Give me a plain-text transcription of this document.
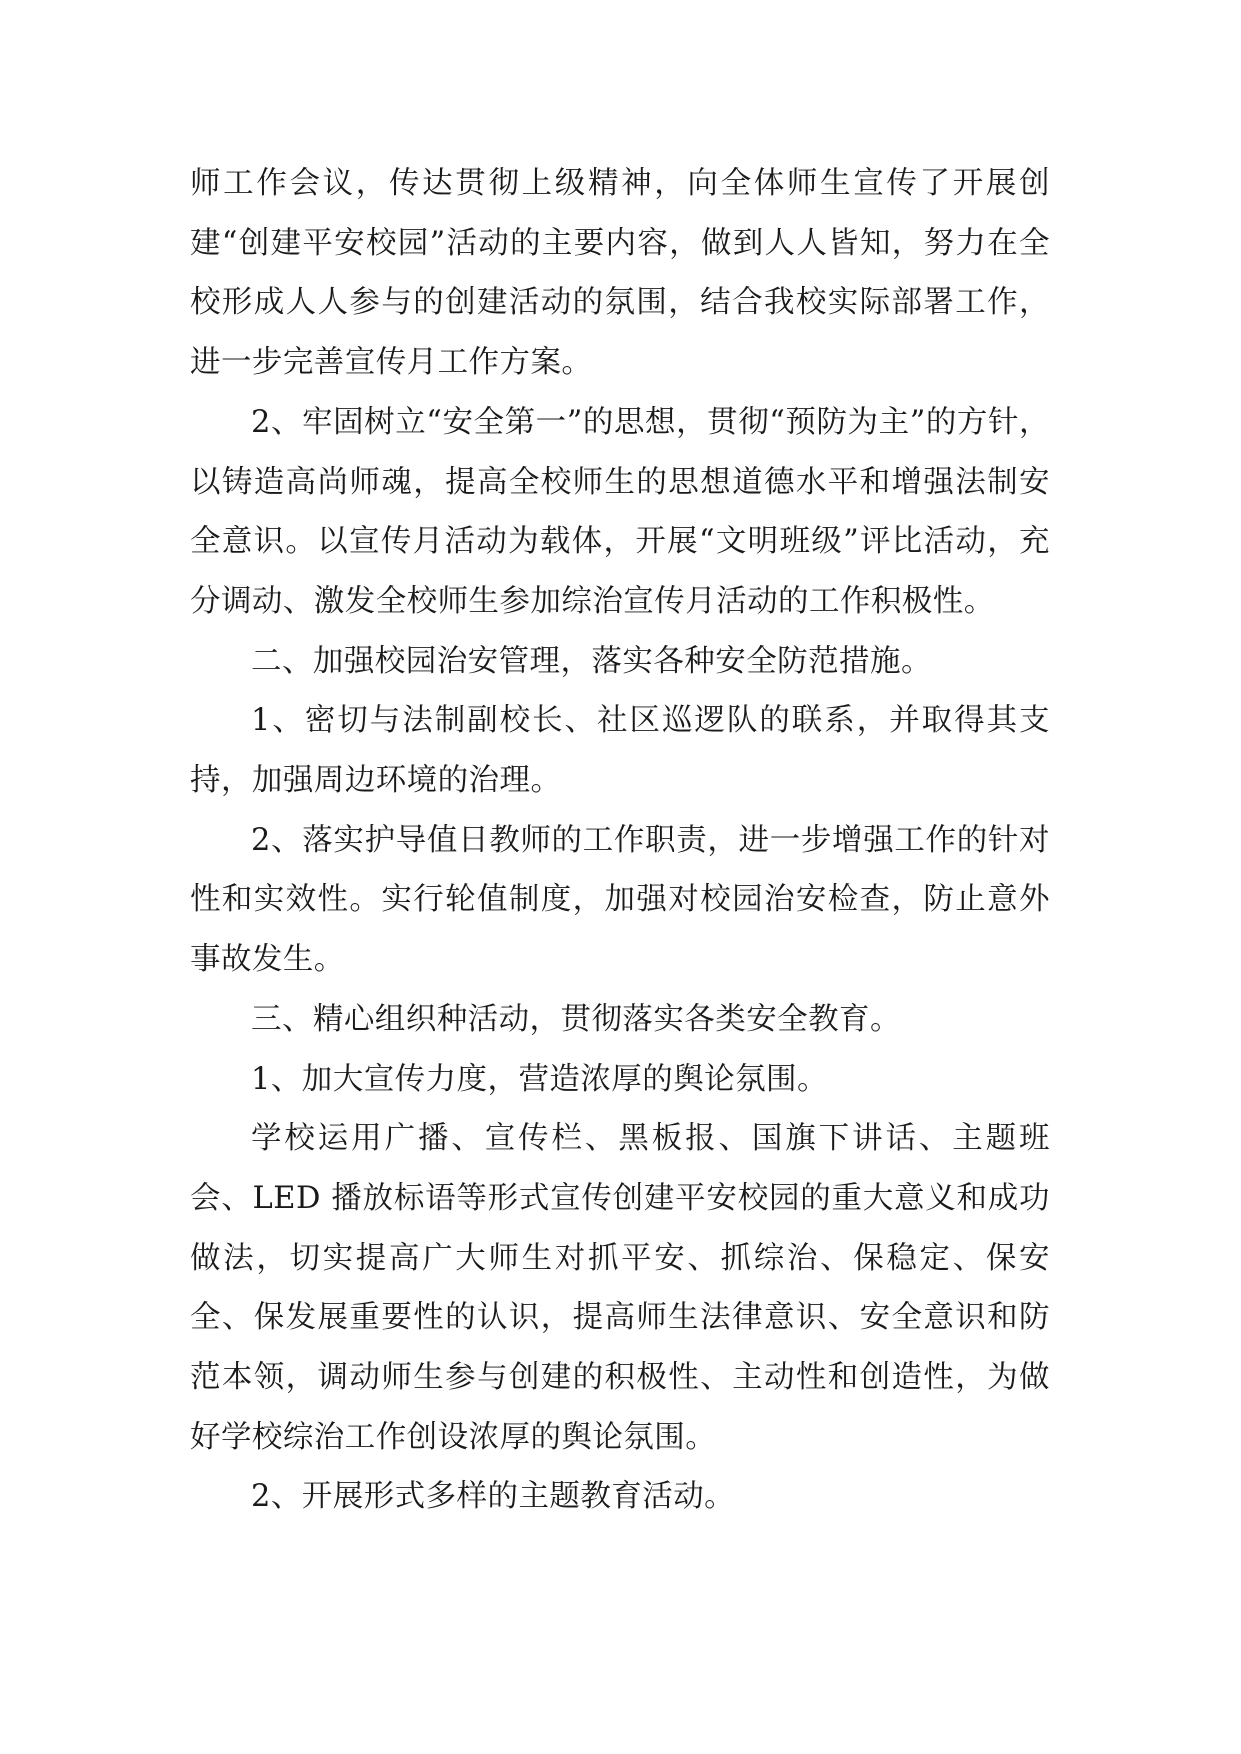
师工作会议，传达贯彻上级精神，向全体师生宣传了开展创建“创建平安校园”活动的主要内容，做到人人皆知，努力在全校形成人人参与的创建活动的氛围，结合我校实际部署工作，进一步完善宣传月工作方案。

2、牢固树立“安全第一”的思想，贯彻“预防为主”的方针，以铸造高尚师魂，提高全校师生的思想道德水平和增强法制安全意识。以宣传月活动为载体，开展“文明班级”评比活动，充分调动、激发全校师生参加综治宣传月活动的工作积极性。

二、加强校园治安管理，落实各种安全防范措施。

1、密切与法制副校长、社区巡逻队的联系，并取得其支持，加强周边环境的治理。

2、落实护导值日教师的工作职责，进一步增强工作的针对性和实效性。实行轮值制度，加强对校园治安检查，防止意外事故发生。

三、精心组织种活动，贯彻落实各类安全教育。

1、加大宣传力度，营造浓厚的舆论氛围。

学校运用广播、宣传栏、黑板报、国旗下讲话、主题班会、LED 播放标语等形式宣传创建平安校园的重大意义和成功做法，切实提高广大师生对抓平安、抓综治、保稳定、保安全、保发展重要性的认识，提高师生法律意识、安全意识和防范本领，调动师生参与创建的积极性、主动性和创造性，为做好学校综治工作创设浓厚的舆论氛围。

2、开展形式多样的主题教育活动。
